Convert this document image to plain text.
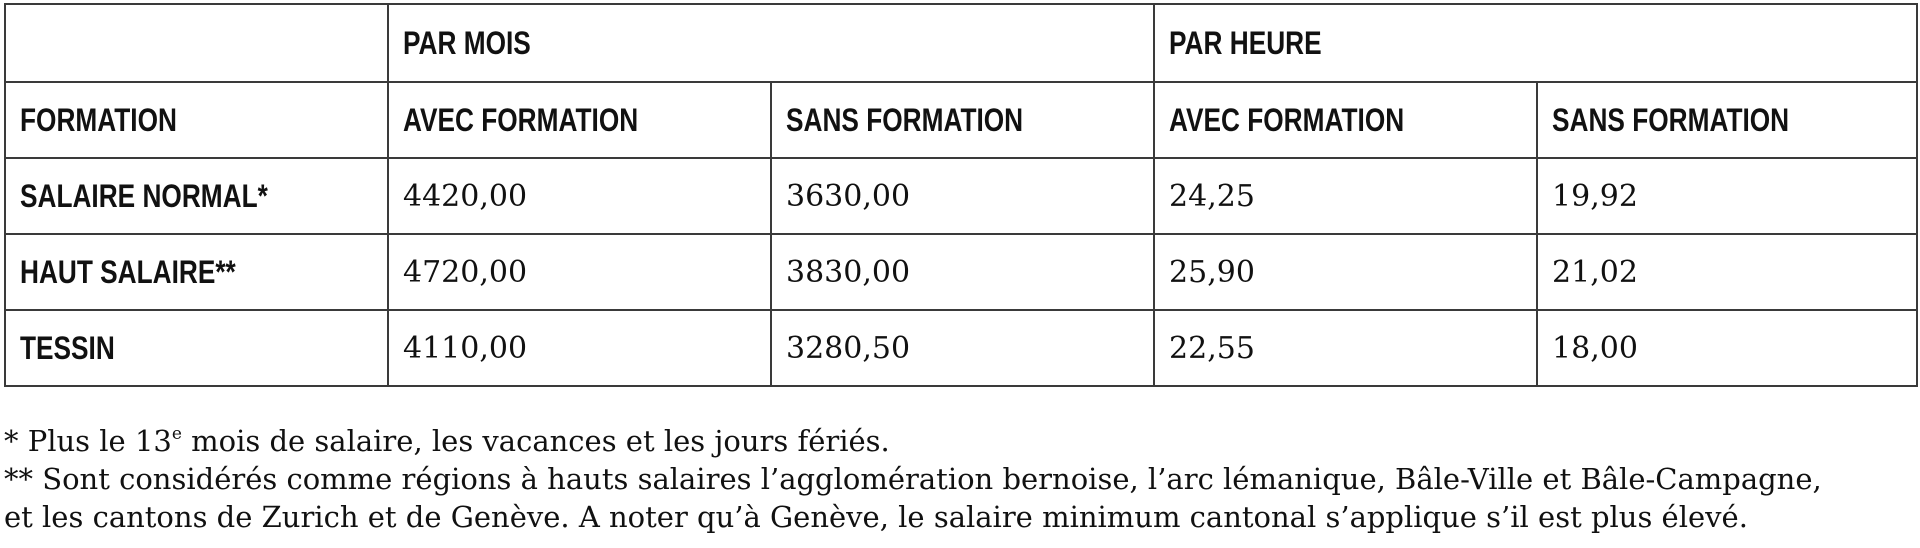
	PAR MOIS		PAR HEURE	
FORMATION	AVEC FORMATION	SANS FORMATION	AVEC FORMATION	SANS FORMATION
SALAIRE NORMAL*	4420,00	3630,00	24,25	19,92
HAUT SALAIRE**	4720,00	3830,00	25,90	21,02
TESSIN	4110,00	3280,50	22,55	18,00

* Plus le 13e mois de salaire, les vacances et les jours fériés.

** Sont considérés comme régions à hauts salaires l’agglomération bernoise, l’arc lémanique, Bâle-Ville et Bâle-Campagne,

et les cantons de Zurich et de Genève. A noter qu’à Genève, le salaire minimum cantonal s’applique s’il est plus élevé.
